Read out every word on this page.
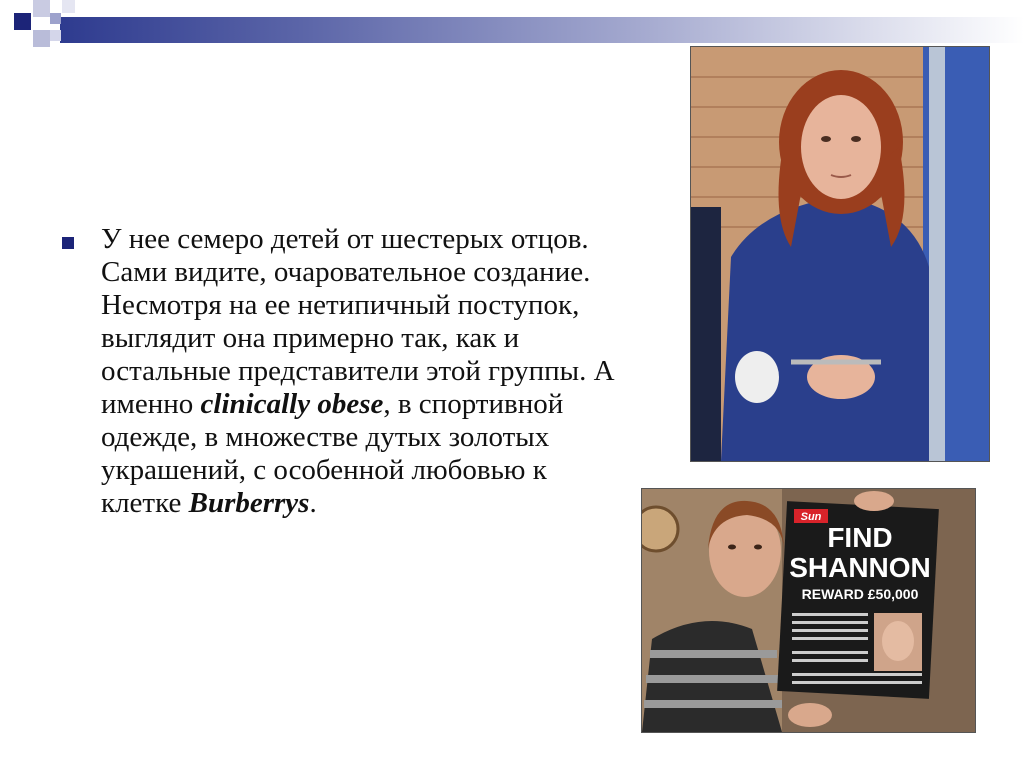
У нее семеро детей от шестерых отцов. Сами видите, очаровательное создание. Несмотря на ее нетипичный поступок, выглядит она примерно так, как и остальные представители этой группы. А именно clinically obese, в спортивной одежде, в множестве дутых золотых украшений, с особенной любовью к клетке Burberrys.	Sun
FIND
SHANNON
REWARD £50,000
